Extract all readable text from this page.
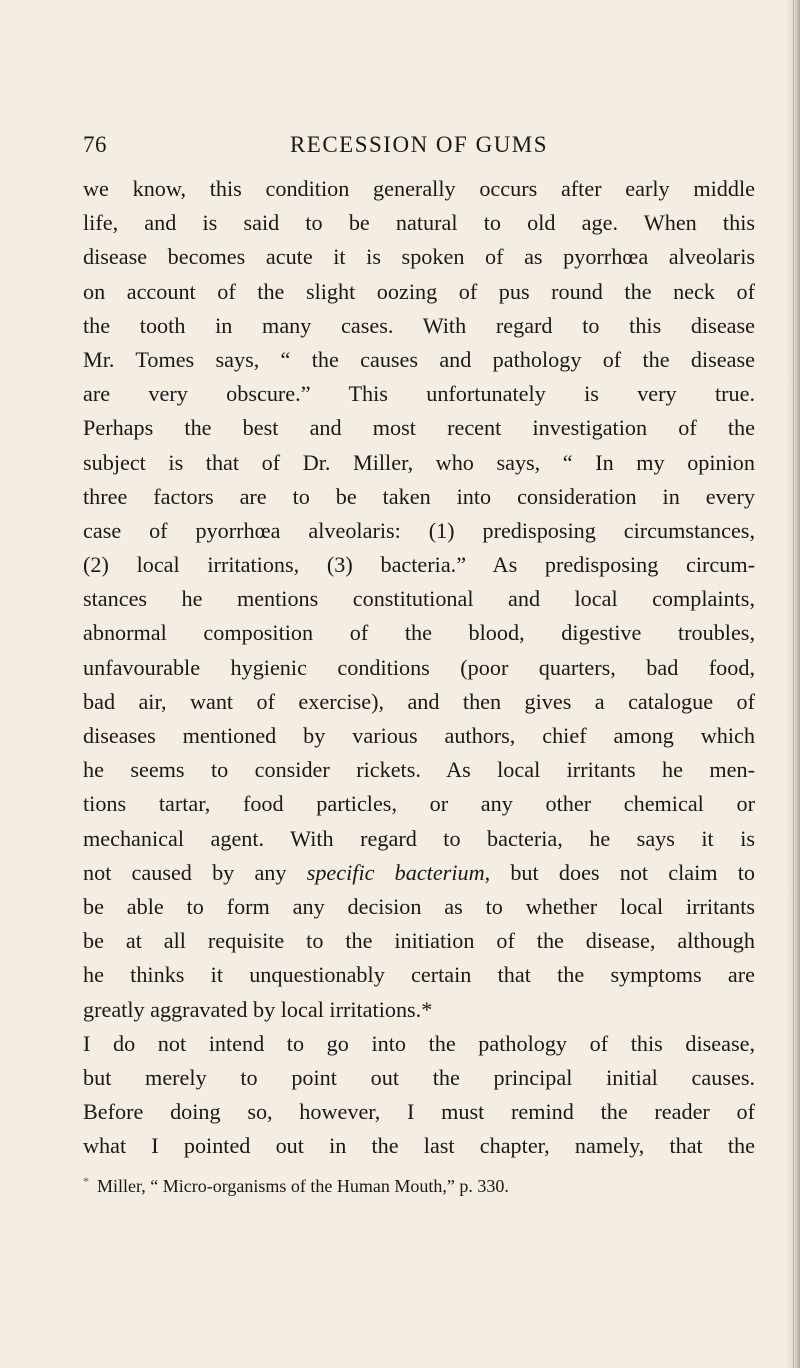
76	RECESSION OF GUMS
we know, this condition generally occurs after early middle
life, and is said to be natural to old age. When this
disease becomes acute it is spoken of as pyorrhœa alveolaris
on account of the slight oozing of pus round the neck of
the tooth in many cases. With regard to this disease
Mr. Tomes says, “ the causes and pathology of the disease
are very obscure.” This unfortunately is very true.
Perhaps the best and most recent investigation of the
subject is that of Dr. Miller, who says, “ In my opinion
three factors are to be taken into consideration in every
case of pyorrhœa alveolaris: (1) predisposing circumstances,
(2) local irritations, (3) bacteria.” As predisposing circum-
stances he mentions constitutional and local complaints,
abnormal composition of the blood, digestive troubles,
unfavourable hygienic conditions (poor quarters, bad food,
bad air, want of exercise), and then gives a catalogue of
diseases mentioned by various authors, chief among which
he seems to consider rickets. As local irritants he men-
tions tartar, food particles, or any other chemical or
mechanical agent. With regard to bacteria, he says it is
not caused by any specific bacterium, but does not claim to
be able to form any decision as to whether local irritants
be at all requisite to the initiation of the disease, although
he thinks it unquestionably certain that the symptoms are
greatly aggravated by local irritations.*
I do not intend to go into the pathology of this disease,
but merely to point out the principal initial causes.
Before doing so, however, I must remind the reader of
what I pointed out in the last chapter, namely, that the
* Miller, “ Micro-organisms of the Human Mouth,” p. 330.
